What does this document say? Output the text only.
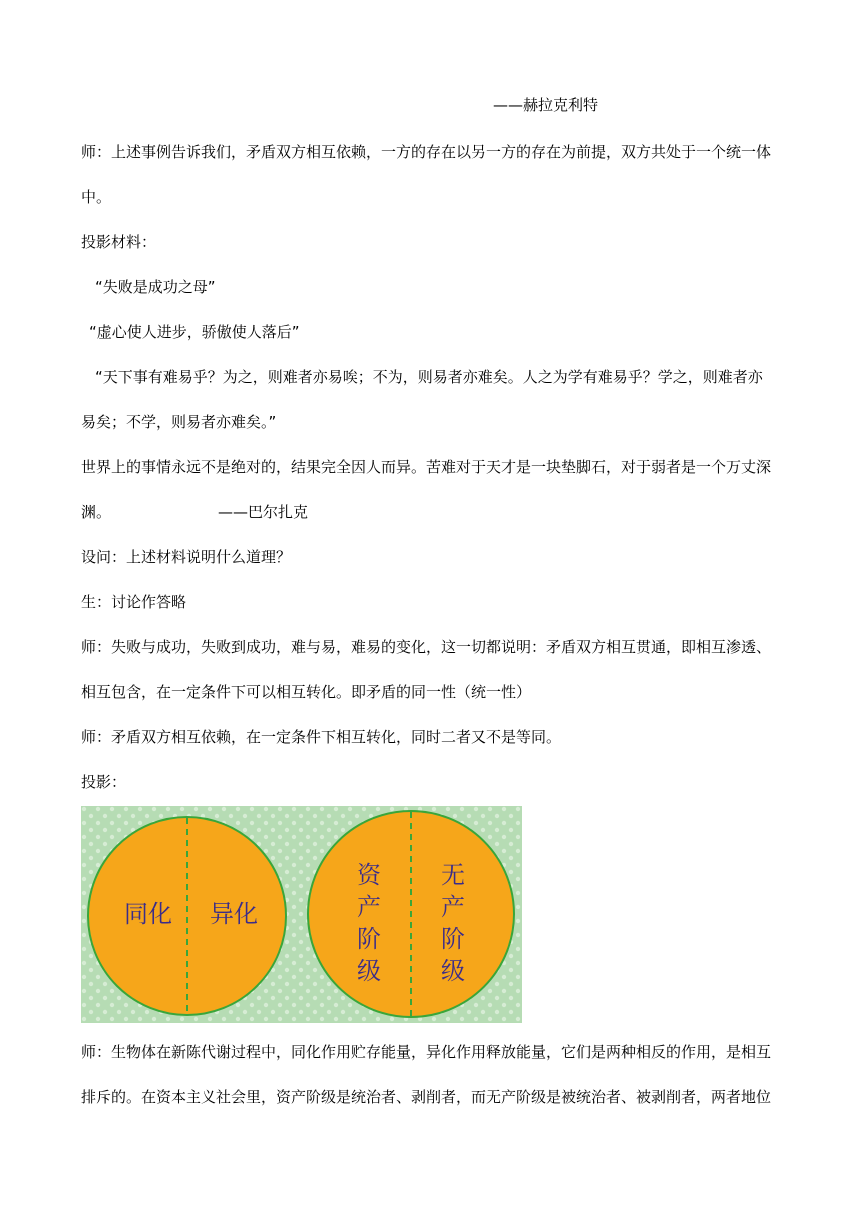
——赫拉克利特
师：上述事例告诉我们，矛盾双方相互依赖，一方的存在以另一方的存在为前提，双方共处于一个统一体
中。
投影材料：
“失败是成功之母”
“虚心使人进步，骄傲使人落后”
“天下事有难易乎？为之，则难者亦易唉；不为，则易者亦难矣。人之为学有难易乎？学之，则难者亦
易矣；不学，则易者亦难矣。”
世界上的事情永远不是绝对的，结果完全因人而异。苦难对于天才是一块垫脚石，对于弱者是一个万丈深
渊。	——巴尔扎克
设问：上述材料说明什么道理？
生：讨论作答略
师：失败与成功，失败到成功，难与易，难易的变化，这一切都说明：矛盾双方相互贯通，即相互渗透、
相互包含，在一定条件下可以相互转化。即矛盾的同一性（统一性）
师：矛盾双方相互依赖，在一定条件下相互转化，同时二者又不是等同。
投影：
同化 异化
资
产
阶
级
无
产
阶
级
师：生物体在新陈代谢过程中，同化作用贮存能量，异化作用释放能量，它们是两种相反的作用，是相互
排斥的。在资本主义社会里，资产阶级是统治者、剥削者，而无产阶级是被统治者、被剥削者，两者地位
